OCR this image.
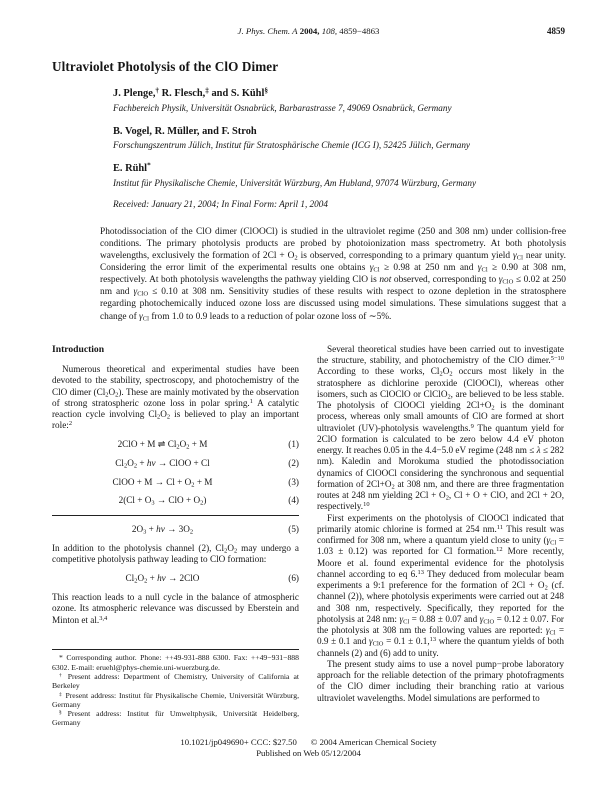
J. Phys. Chem. A 2004, 108, 4859−4863	4859
Ultraviolet Photolysis of the ClO Dimer
J. Plenge,† R. Flesch,‡ and S. Kühl§
Fachbereich Physik, Universität Osnabrück, Barbarastrasse 7, 49069 Osnabrück, Germany
B. Vogel, R. Müller, and F. Stroh
Forschungszentrum Jülich, Institut für Stratosphärische Chemie (ICG I), 52425 Jülich, Germany
E. Rühl*
Institut für Physikalische Chemie, Universität Würzburg, Am Hubland, 97074 Würzburg, Germany
Received: January 21, 2004; In Final Form: April 1, 2004
Photodissociation of the ClO dimer (ClOOCl) is studied in the ultraviolet regime (250 and 308 nm) under collision-free conditions. The primary photolysis products are probed by photoionization mass spectrometry. At both photolysis wavelengths, exclusively the formation of $2Cl + O_2$ is observed, corresponding to a primary quantum yield $\gamma_{Cl}$ near unity. Considering the error limit of the experimental results one obtains $\gamma_{Cl} \ge 0.98$ at 250 nm and $\gamma_{Cl} \ge 0.90$ at 308 nm, respectively. At both photolysis wavelengths the pathway yielding ClO is not observed, corresponding to $\gamma_{ClO} \le 0.02$ at 250 nm and $\gamma_{ClO} \le 0.10$ at 308 nm. Sensitivity studies of these results with respect to ozone depletion in the stratosphere regarding photochemically induced ozone loss are discussed using model simulations. These simulations suggest that a change of $\gamma_{Cl}$ from 1.0 to 0.9 leads to a reduction of polar ozone loss of ∼5%.
Introduction

Numerous theoretical and experimental studies have been devoted to the stability, spectroscopy, and photochemistry of the ClO dimer $(Cl_2O_2)$. These are mainly motivated by the observation of strong stratospheric ozone loss in polar spring.$^1$ A catalytic reaction cycle involving $Cl_2O_2$ is believed to play an important role:$^2$

2ClO + M ⇌ $Cl_2O_2 + M$	(1)
$Cl_2O_2 + h\nu$ → ClOO + Cl	(2)
ClOO + $M \to Cl + O_2 + M$	(3)
$2(Cl + O_3$ → ClO + $O_2$)	(4)
$2O_3 + h\nu \to 3O_2$	(5)

In addition to the photolysis channel (2), $Cl_2O_2$ may undergo a competitive photolysis pathway leading to ClO formation:

$Cl_2O_2 + h\nu \to 2ClO$	(6)

This reaction leads to a null cycle in the balance of atmospheric ozone. Its atmospheric relevance was discussed by Eberstein and Minton et al.$^{3,4}$

* Corresponding author. Phone: ++49-931-888 6300. Fax: ++49−931−888 6302. E-mail: eruehl@phys-chemie.uni-wuerzburg.de.

† Present address: Department of Chemistry, University of California at Berkeley

‡ Present address: Institut für Physikalische Chemie, Universität Würzburg, Germany

§ Present address: Institut für Umweltphysik, Universität Heidelberg, Germany

Several theoretical studies have been carried out to investigate the structure, stability, and photochemistry of the ClO dimer.$^{5-10}$ According to these works, $Cl_2O_2$ occurs most likely in the stratosphere as dichlorine peroxide (ClOOCl), whereas other isomers, such as ClOClO or ClClO$_2$, are believed to be less stable. The photolysis of ClOOCl yielding $2Cl+O_2$ is the dominant process, whereas only small amounts of ClO are formed at short ultraviolet (UV)-photolysis wavelengths.$^9$ The quantum yield for 2ClO formation is calculated to be zero below 4.4 eV photon energy. It reaches 0.05 in the 4.4−5.0 eV regime (248 nm ≤ λ ≤ 282 nm). Kaledin and Morokuma studied the photodissociation dynamics of ClOOCl considering the synchronous and sequential formation of $2Cl+O_2$ at 308 nm, and there are three fragmentation routes at 248 nm yielding $2Cl + O_2$, Cl + O + ClO, and 2Cl + 2O, respectively.$^{10}$

First experiments on the photolysis of ClOOCl indicated that primarily atomic chlorine is formed at 254 nm.$^{11}$ This result was confirmed for 308 nm, where a quantum yield close to unity $(\gamma_{Cl} = 1.03 \pm 0.12)$ was reported for Cl formation.$^{12}$ More recently, Moore et al. found experimental evidence for the photolysis channel according to eq 6.13 They deduced from molecular beam experiments a 9:1 preference for the formation of $2Cl + O_2$ (cf. channel (2)), where photolysis experiments were carried out at 248 and 308 nm, respectively. Specifically, they reported for the photolysis at 248 nm: $\gamma_{Cl} = 0.88 \pm 0.07$ and $\gamma_{ClO} = 0.12 \pm 0.07$. For the photolysis at 308 nm the following values are reported: $\gamma_{Cl} = 0.9 \pm 0.1$ and $\gamma_{ClO} = 0.1 \pm 0.1,13$ where the quantum yields of both channels (2) and (6) add to unity.

The present study aims to use a novel pump−probe laboratory approach for the reliable detection of the primary photofragments of the ClO dimer including their branching ratio at various ultraviolet wavelengths. Model simulations are performed to

10.1021/jp049690+ CCC: $27.50 © 2004 American Chemical Society
Published on Web 05/12/2004
